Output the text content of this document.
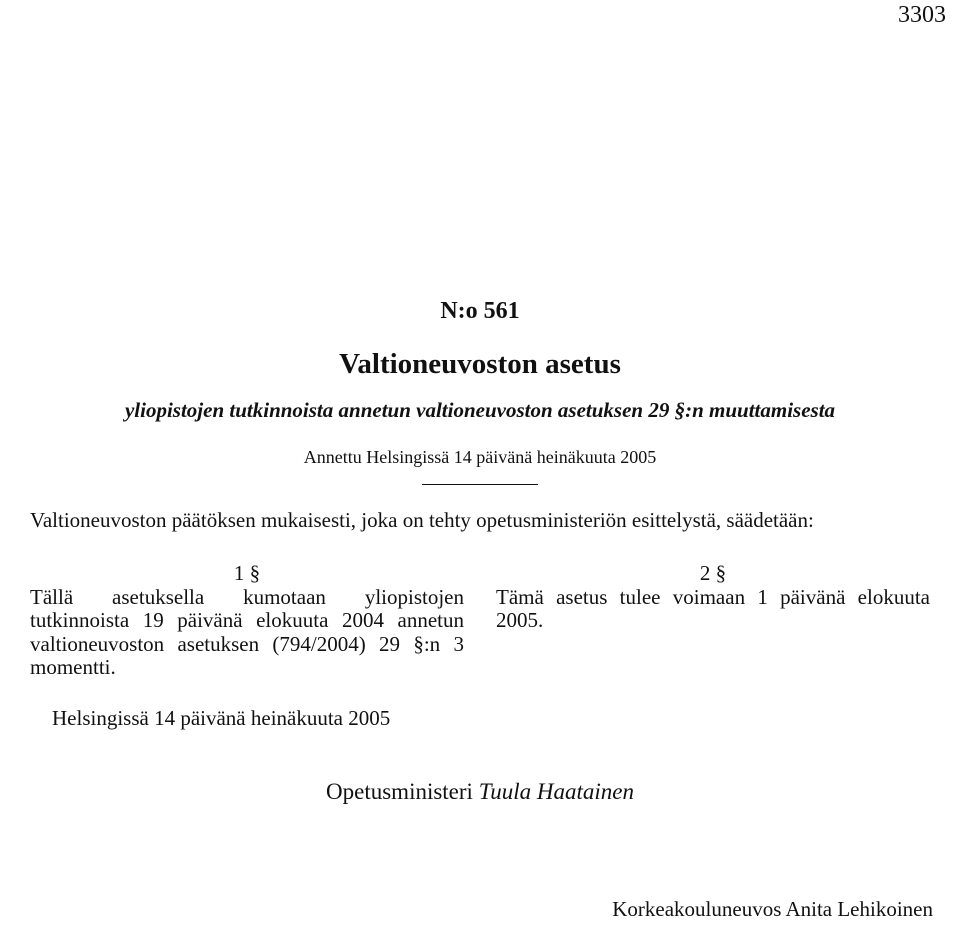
3303
N:o 561
Valtioneuvoston asetus
yliopistojen tutkinnoista annetun valtioneuvoston asetuksen 29 §:n muuttamisesta
Annettu Helsingissä 14 päivänä heinäkuuta 2005
Valtioneuvoston päätöksen mukaisesti, joka on tehty opetusministeriön esittelystä, säädetään:
1 §

Tällä asetuksella kumotaan yliopistojen tutkinnoista 19 päivänä elokuuta 2004 annetun valtioneuvoston asetuksen (794/2004) 29 §:n 3 momentti.

2 §

Tämä asetus tulee voimaan 1 päivänä elokuuta 2005.

Helsingissä 14 päivänä heinäkuuta 2005
Opetusministeri Tuula Haatainen
Korkeakouluneuvos Anita Lehikoinen
